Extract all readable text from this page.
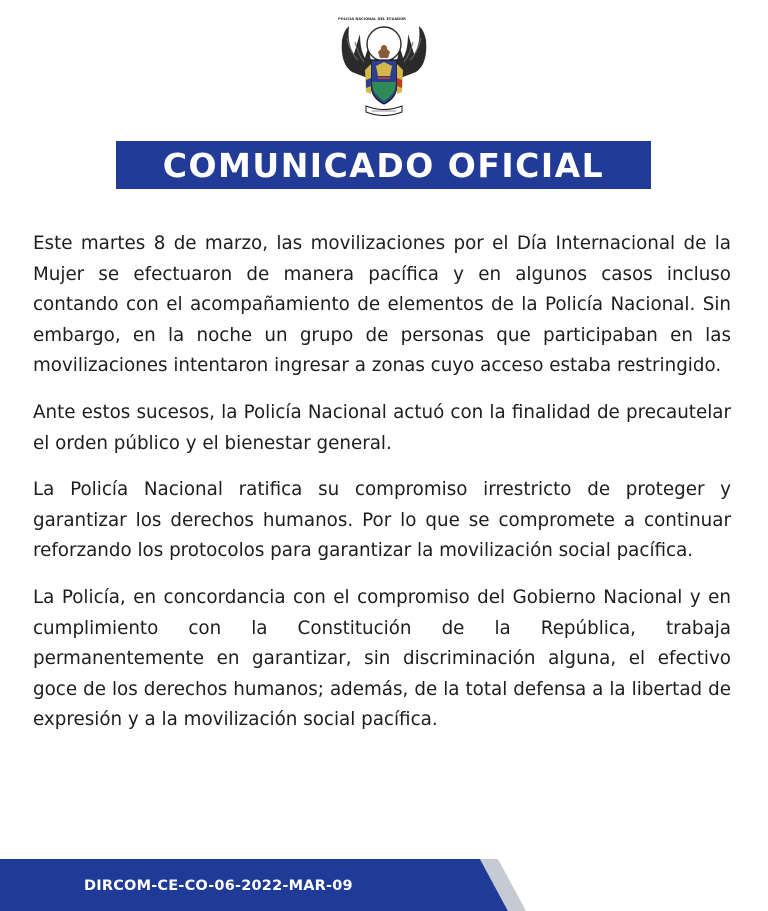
POLICIA NACIONAL DEL ECUADOR
COMUNICADO OFICIAL

Este martes 8 de marzo, las movilizaciones por el Día Internacional de la Mujer se efectuaron de manera pacífica y en algunos casos incluso contando con el acompañamiento de elementos de la Policía Nacional. Sin embargo, en la noche un grupo de personas que participaban en las movilizaciones intentaron ingresar a zonas cuyo acceso estaba restringido.

Ante estos sucesos, la Policía Nacional actuó con la finalidad de precautelar el orden público y el bienestar general.

La Policía Nacional ratifica su compromiso irrestricto de proteger y garantizar los derechos humanos. Por lo que se compromete a continuar reforzando los protocolos para garantizar la movilización social pacífica.

La Policía, en concordancia con el compromiso del Gobierno Nacional y en cumplimiento con la Constitución de la República, trabaja permanentemente en garantizar, sin discriminación alguna, el efectivo goce de los derechos humanos; además, de la total defensa a la libertad de expresión y a la movilización social pacífica.

DIRCOM-CE-CO-06-2022-MAR-09
